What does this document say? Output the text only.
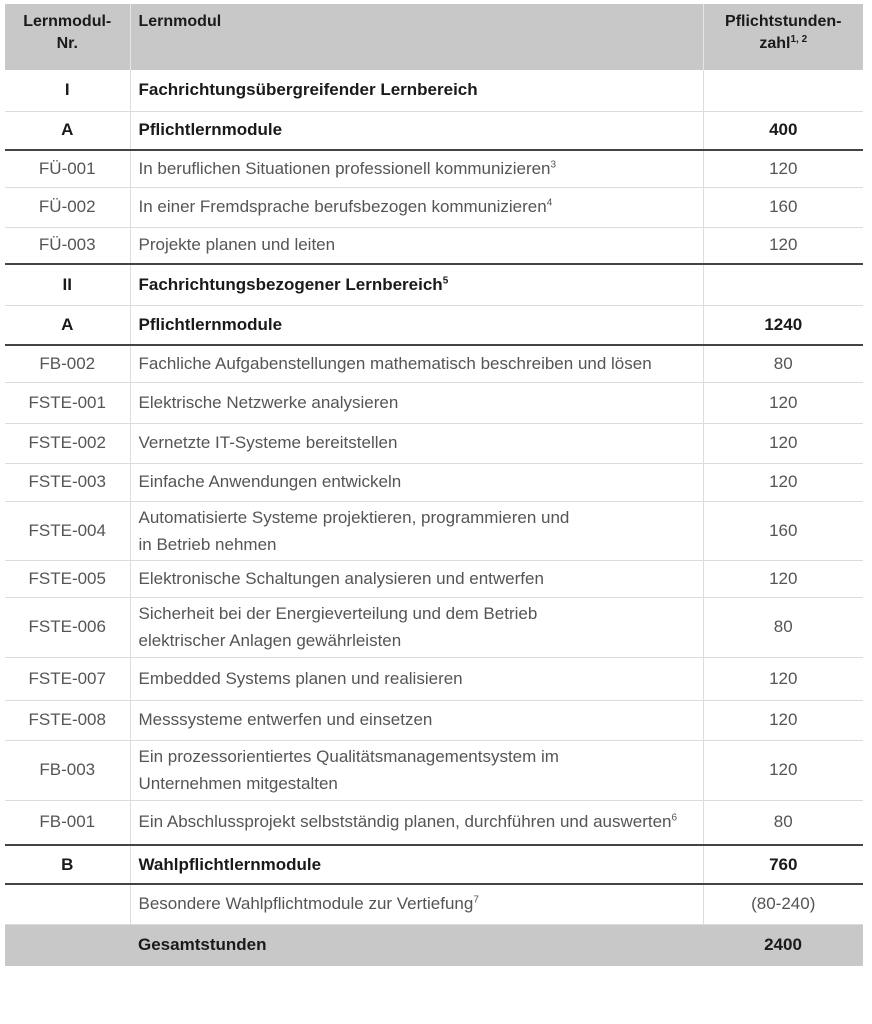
Lernmodul-
Nr.	Lernmodul	Pflichtstunden-
zahl$^{1, 2}$
I	Fachrichtungsübergreifender Lernbereich	
A	Pflichtlernmodule	400
FÜ-001	In beruflichen Situationen professionell kommunizieren$^3$	120
FÜ-002	In einer Fremdsprache berufsbezogen kommunizieren$^4$	160
FÜ-003	Projekte planen und leiten	120
II	Fachrichtungsbezogener Lernbereich$^5$	
A	Pflichtlernmodule	1240
FB-002	Fachliche Aufgabenstellungen mathematisch beschreiben und lösen	80
FSTE-001	Elektrische Netzwerke analysieren	120
FSTE-002	Vernetzte IT-Systeme bereitstellen	120
FSTE-003	Einfache Anwendungen entwickeln	120
FSTE-004	Automatisierte Systeme projektieren, programmieren und
in Betrieb nehmen	160
FSTE-005	Elektronische Schaltungen analysieren und entwerfen	120
FSTE-006	Sicherheit bei der Energieverteilung und dem Betrieb
elektrischer Anlagen gewährleisten	80
FSTE-007	Embedded Systems planen und realisieren	120
FSTE-008	Messsysteme entwerfen und einsetzen	120
FB-003	Ein prozessorientiertes Qualitätsmanagementsystem im
Unternehmen mitgestalten	120
FB-001	Ein Abschlussprojekt selbstständig planen, durchführen und auswerten$^6$	80
B	Wahlpflichtlernmodule	760
	Besondere Wahlpflichtmodule zur Vertiefung$^7$	(80-240)
	Gesamtstunden	2400
